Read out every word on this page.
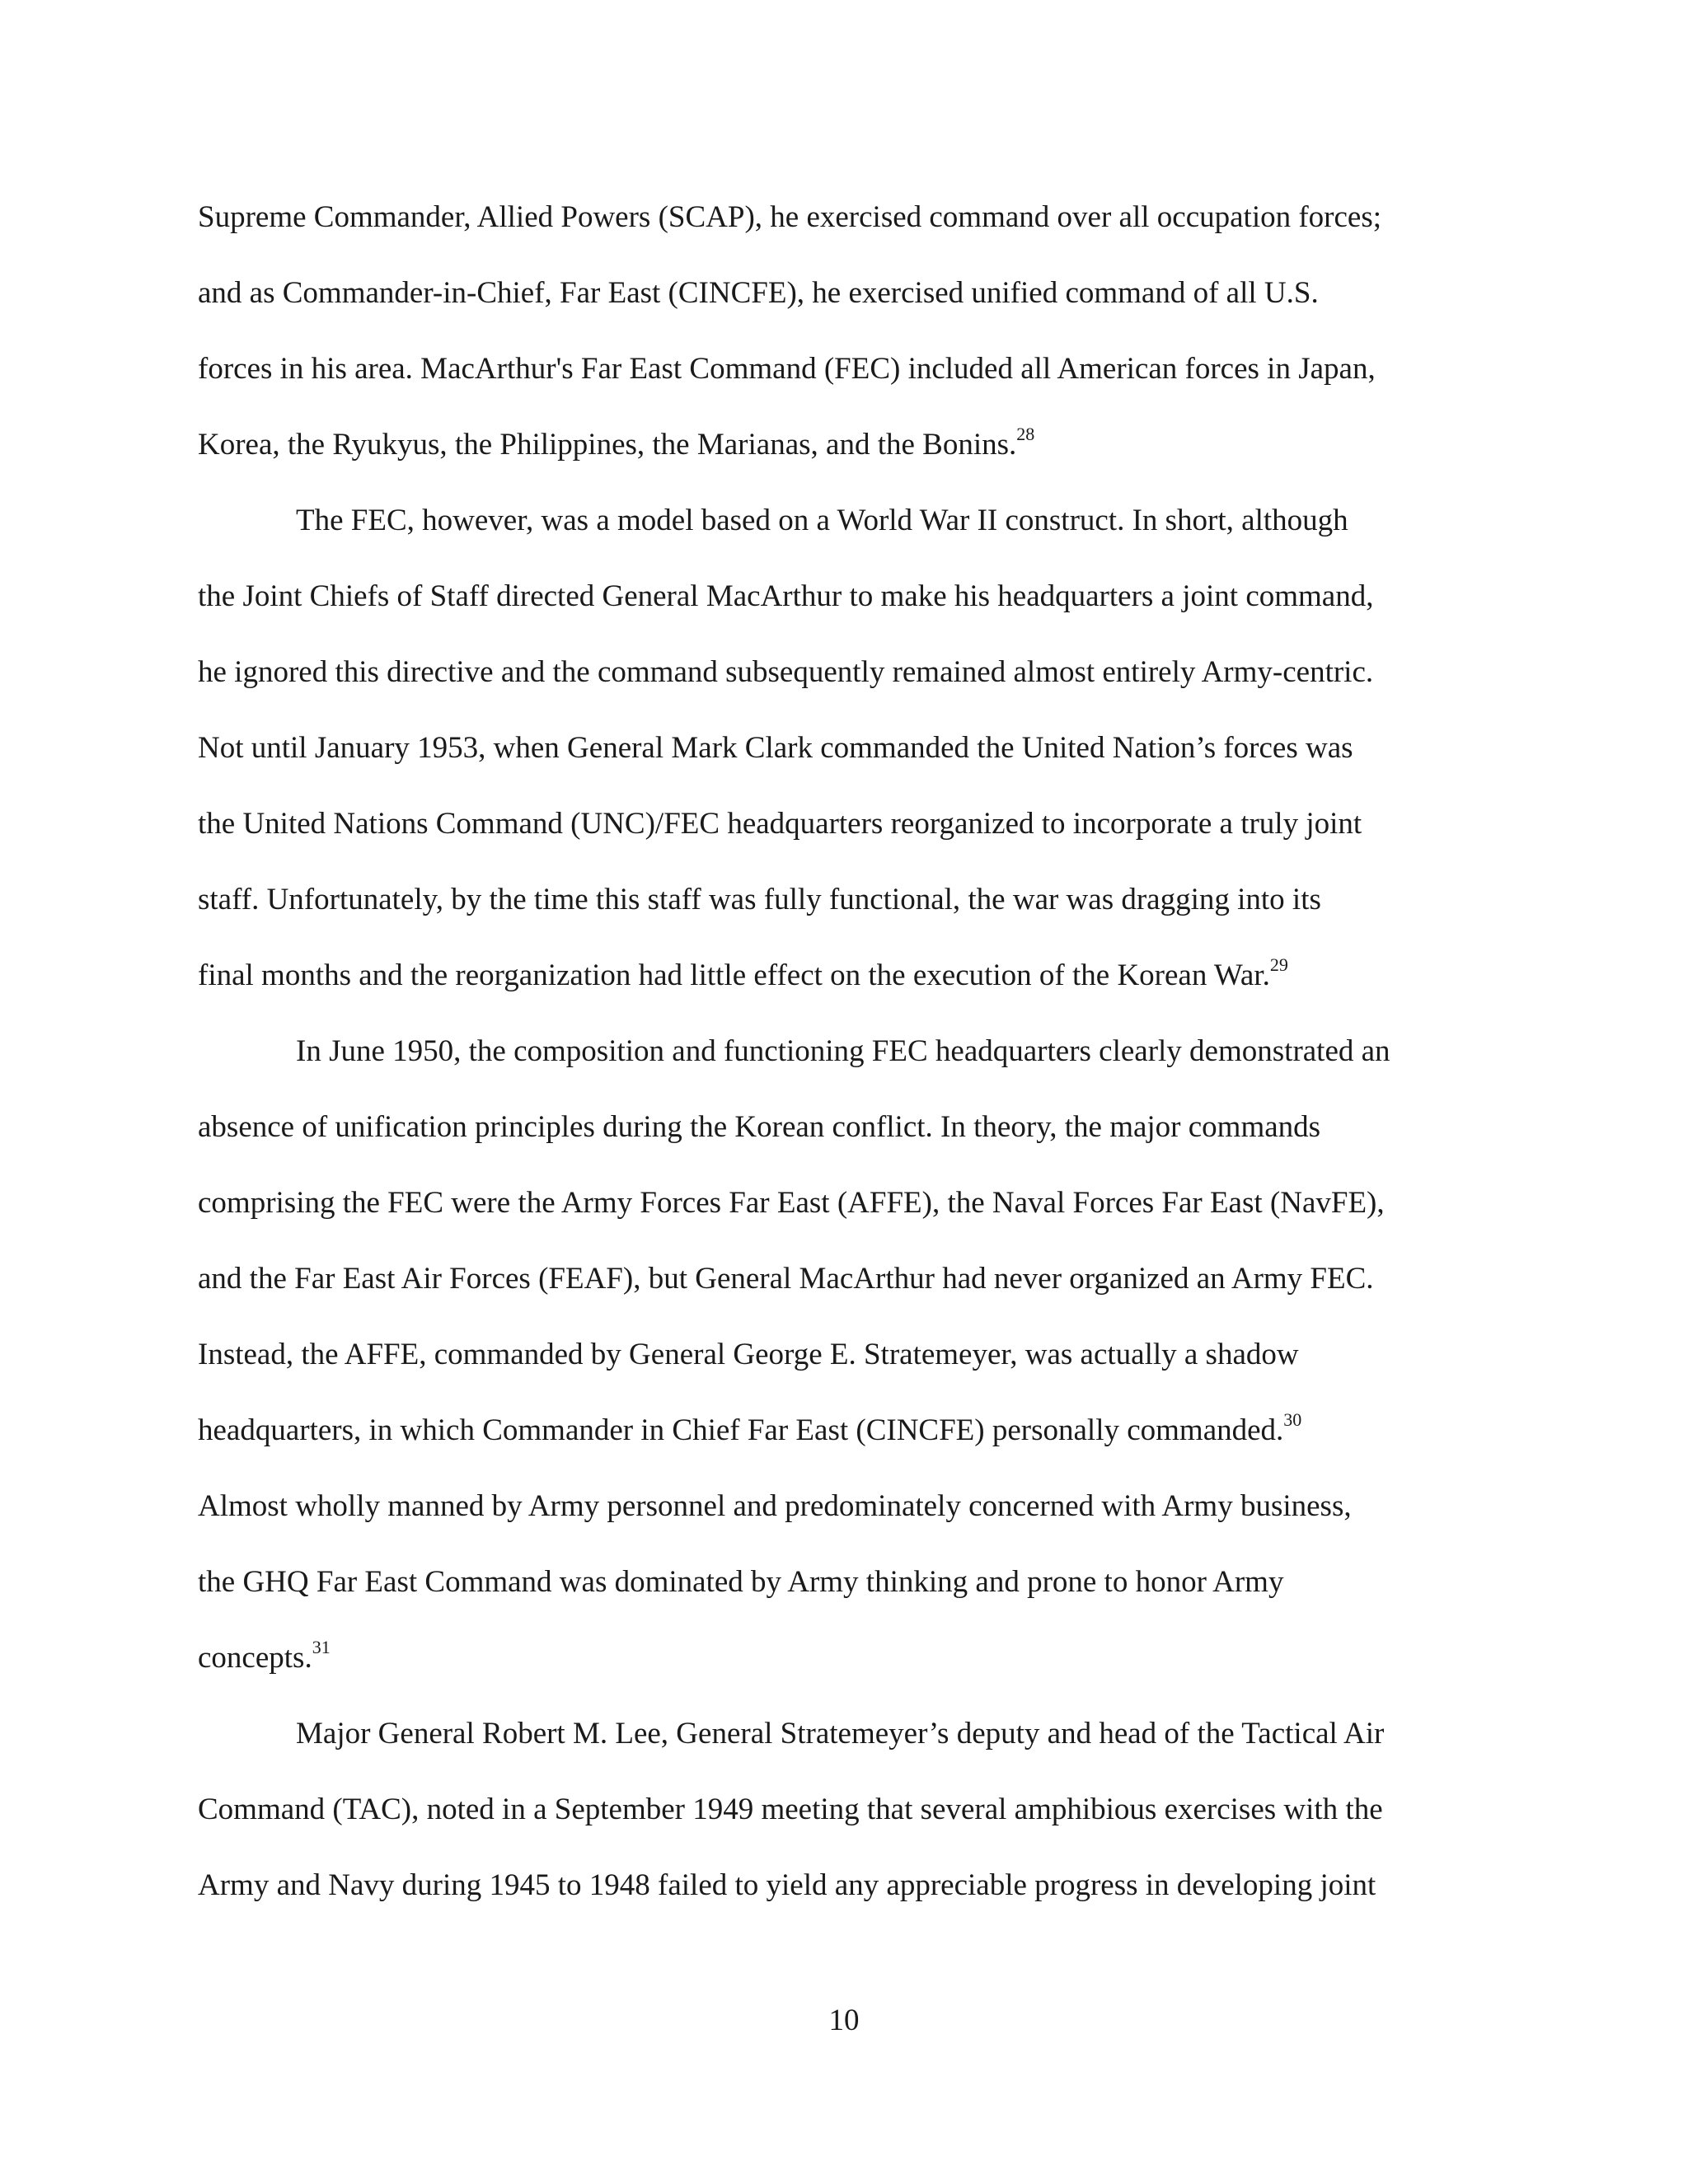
Supreme Commander, Allied Powers (SCAP), he exercised command over all occupation forces;
and as Commander-in-Chief, Far East (CINCFE), he exercised unified command of all U.S.
forces in his area. MacArthur's Far East Command (FEC) included all American forces in Japan,
Korea, the Ryukyus, the Philippines, the Marianas, and the Bonins.$^{28}$
The FEC, however, was a model based on a World War II construct. In short, although
the Joint Chiefs of Staff directed General MacArthur to make his headquarters a joint command,
he ignored this directive and the command subsequently remained almost entirely Army-centric.
Not until January 1953, when General Mark Clark commanded the United Nation’s forces was
the United Nations Command (UNC)/FEC headquarters reorganized to incorporate a truly joint
staff. Unfortunately, by the time this staff was fully functional, the war was dragging into its
final months and the reorganization had little effect on the execution of the Korean War.$^{29}$
In June 1950, the composition and functioning FEC headquarters clearly demonstrated an
absence of unification principles during the Korean conflict. In theory, the major commands
comprising the FEC were the Army Forces Far East (AFFE), the Naval Forces Far East (NavFE),
and the Far East Air Forces (FEAF), but General MacArthur had never organized an Army FEC.
Instead, the AFFE, commanded by General George E. Stratemeyer, was actually a shadow
headquarters, in which Commander in Chief Far East (CINCFE) personally commanded.$^{30}$
Almost wholly manned by Army personnel and predominately concerned with Army business,
the GHQ Far East Command was dominated by Army thinking and prone to honor Army
concepts.$^{31}$
Major General Robert M. Lee, General Stratemeyer’s deputy and head of the Tactical Air
Command (TAC), noted in a September 1949 meeting that several amphibious exercises with the
Army and Navy during 1945 to 1948 failed to yield any appreciable progress in developing joint
10
